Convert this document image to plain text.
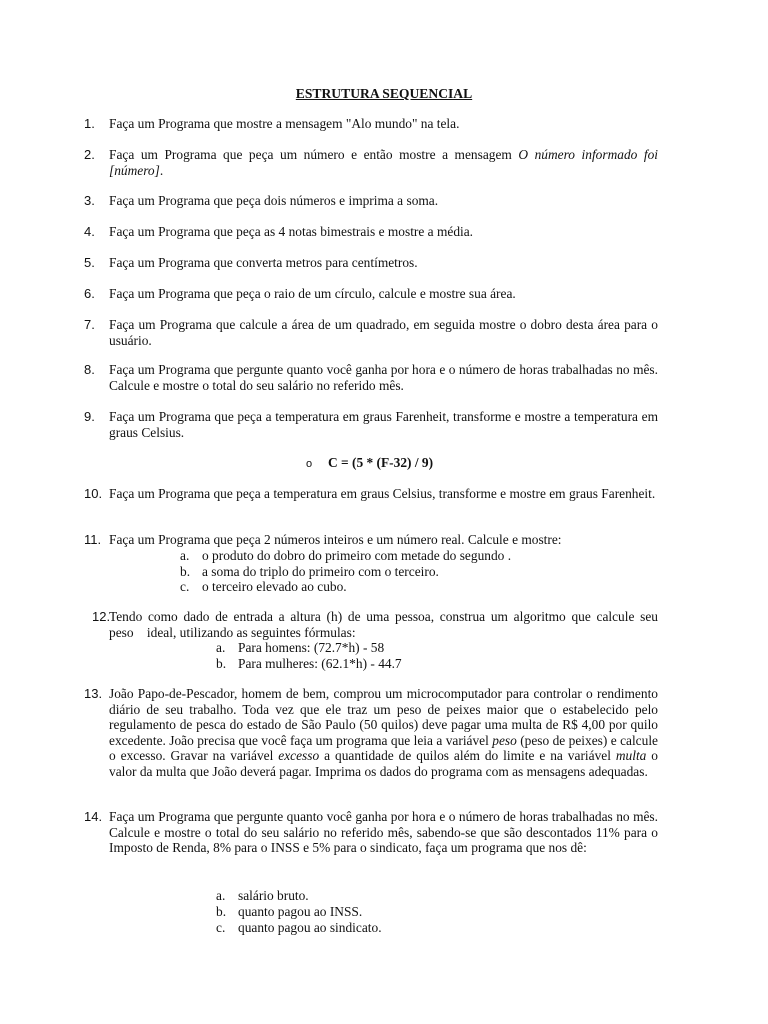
ESTRUTURA SEQUENCIAL
1. Faça um Programa que mostre a mensagem "Alo mundo" na tela.
2. Faça um Programa que peça um número e então mostre a mensagem O número informado foi [número].
3. Faça um Programa que peça dois números e imprima a soma.
4. Faça um Programa que peça as 4 notas bimestrais e mostre a média.
5. Faça um Programa que converta metros para centímetros.
6. Faça um Programa que peça o raio de um círculo, calcule e mostre sua área.
7. Faça um Programa que calcule a área de um quadrado, em seguida mostre o dobro desta área para o usuário.
8. Faça um Programa que pergunte quanto você ganha por hora e o número de horas trabalhadas no mês. Calcule e mostre o total do seu salário no referido mês.
9. Faça um Programa que peça a temperatura em graus Farenheit, transforme e mostre a temperatura em graus Celsius.
o C = (5 * (F-32) / 9)
10. Faça um Programa que peça a temperatura em graus Celsius, transforme e mostre em graus Farenheit.
11. Faça um Programa que peça 2 números inteiros e um número real. Calcule e mostre:
a. o produto do dobro do primeiro com metade do segundo .
b. a soma do triplo do primeiro com o terceiro.
c. o terceiro elevado ao cubo.
12.
Tendo como dado de entrada a altura (h) de uma pessoa, construa um algoritmo que calcule seu peso ideal, utilizando as seguintes fórmulas:
a. Para homens: (72.7*h) - 58
b. Para mulheres: (62.1*h) - 44.7
13. João Papo-de-Pescador, homem de bem, comprou um microcomputador para controlar o rendimento diário de seu trabalho. Toda vez que ele traz um peso de peixes maior que o estabelecido pelo regulamento de pesca do estado de São Paulo (50 quilos) deve pagar uma multa de R$ 4,00 por quilo excedente. João precisa que você faça um programa que leia a variável peso (peso de peixes) e calcule o excesso. Gravar na variável excesso a quantidade de quilos além do limite e na variável multa o valor da multa que João deverá pagar. Imprima os dados do programa com as mensagens adequadas.
14. Faça um Programa que pergunte quanto você ganha por hora e o número de horas trabalhadas no mês. Calcule e mostre o total do seu salário no referido mês, sabendo-se que são descontados 11% para o Imposto de Renda, 8% para o INSS e 5% para o sindicato, faça um programa que nos dê:
a. salário bruto.
b. quanto pagou ao INSS.
c. quanto pagou ao sindicato.
